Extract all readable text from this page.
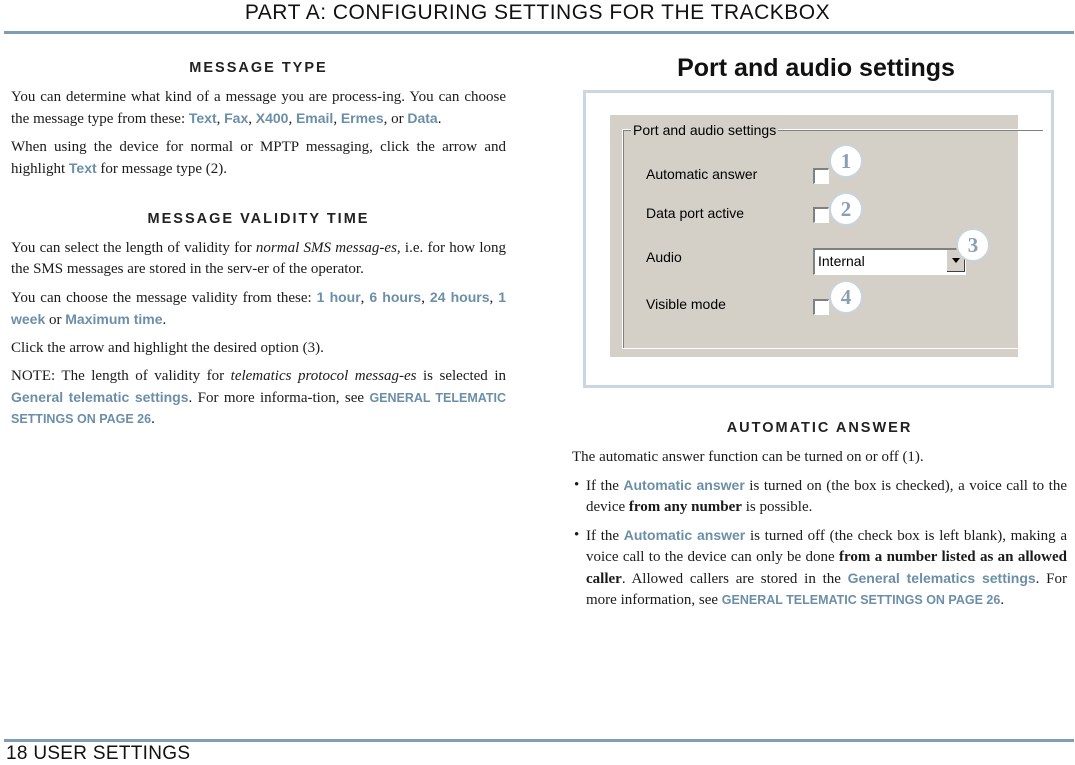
PART A: CONFIGURING SETTINGS FOR THE TRACKBOX
MESSAGE TYPE

You can determine what kind of a message you are process-ing. You can choose the message type from these: Text, Fax, X400, Email, Ermes, or Data.

When using the device for normal or MPTP messaging, click the arrow and highlight Text for message type (2).

MESSAGE VALIDITY TIME

You can select the length of validity for normal SMS messag-es, i.e. for how long the SMS messages are stored in the serv-er of the operator.

You can choose the message validity from these: 1 hour, 6 hours, 24 hours, 1 week or Maximum time.

Click the arrow and highlight the desired option (3).

NOTE: The length of validity for telematics protocol messag-es is selected in General telematic settings. For more informa-tion, see GENERAL TELEMATIC SETTINGS ON PAGE 26.

Port and audio settings
Port and audio settings
Automatic answer
Data port active
Audio	Internal
Visible mode
1
2
3
4
AUTOMATIC ANSWER

The automatic answer function can be turned on or off (1).

• If the Automatic answer is turned on (the box is checked), a voice call to the device from any number is possible.
• If the Automatic answer is turned off (the check box is left blank), making a voice call to the device can only be done from a number listed as an allowed caller. Allowed callers are stored in the General telematics settings. For more information, see GENERAL TELEMATIC SETTINGS ON PAGE 26.
18 USER SETTINGS
